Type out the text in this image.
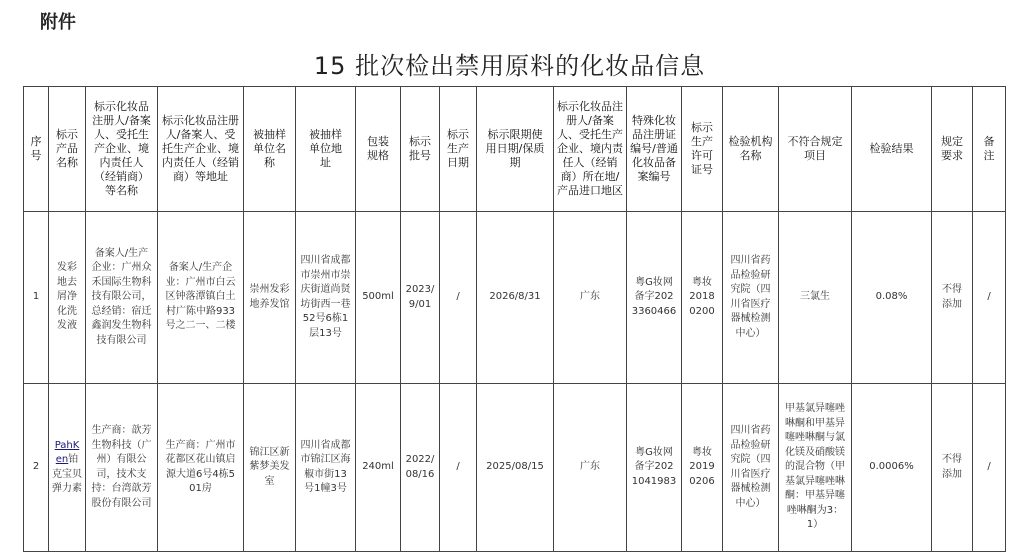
附件
15 批次检出禁用原料的化妆品信息
序号	标示产品名称	标示化妆品注册人/备案人、受托生产企业、境内责任人（经销商）等名称	标示化妆品注册人/备案人、受托生产企业、境内责任人（经销商）等地址	被抽样单位名称	被抽样单位地址	包装规格	标示批号	标示生产日期	标示限期使用日期/保质期	标示化妆品注册人/备案人、受托生产企业、境内责任人（经销商）所在地/产品进口地区	特殊化妆品注册证编号/普通化妆品备案编号	标示生产许可证号	检验机构名称	不符合规定项目	检验结果	规定要求	备注

1	发彩地去屑净化洗发液	备案人/生产企业：广州众禾国际生物科技有限公司，总经销：宿迁鑫润发生物科技有限公司	备案人/生产企业：广州市白云区钟落潭镇白土村广陈中路933号之二一、二楼	崇州发彩地养发馆	四川省成都市崇州市崇庆街道尚贤坊街西一巷52号6栋1层13号	500ml	2023/9/01	/	2026/8/31	广东	粤G妆网备字2023360466	粤妆20180200	四川省药品检验研究院（四川省医疗器械检测中心）	三氯生	0.08%	不得添加	/
2	PahKen铂克宝贝弹力素	生产商：歆芳生物科技（广州）有限公司，技术支持：台湾歆芳股份有限公司	生产商：广州市花都区花山镇启源大道6号4栋501房	锦江区新紫梦美发室	四川省成都市锦江区海椒市街13号1幢3号	240ml	2022/08/16	/	2025/08/15	广东	粤G妆网备字2021041983	粤妆20190206	四川省药品检验研究院（四川省医疗器械检测中心）	甲基氯异噻唑啉酮和甲基异噻唑啉酮与氯化镁及硝酸镁的混合物（甲基氯异噻唑啉酮：甲基异噻唑啉酮为3：1）	0.0006%	不得添加	/
